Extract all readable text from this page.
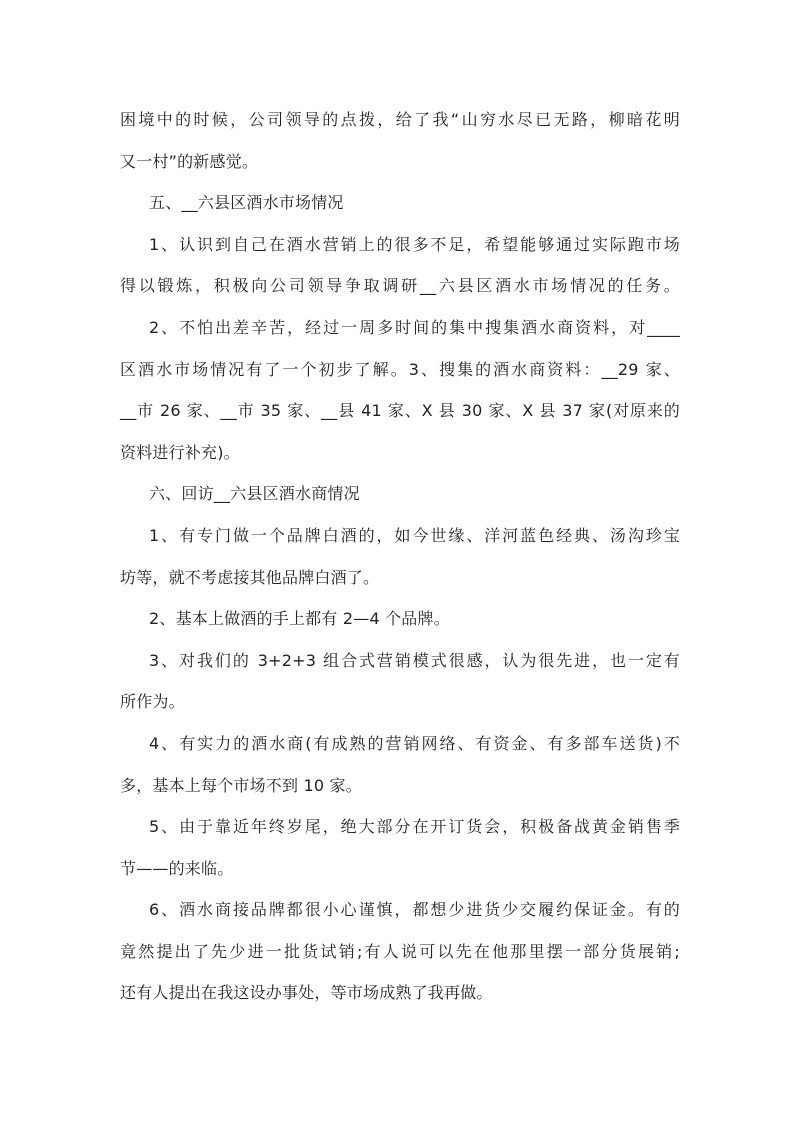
困境中的时候，公司领导的点拨，给了我“山穷水尽已无路，柳暗花明
又一村”的新感觉。
五、__六县区酒水市场情况
1、认识到自己在酒水营销上的很多不足，希望能够通过实际跑市场
得以锻炼，积极向公司领导争取调研__六县区酒水市场情况的任务。
2、不怕出差辛苦，经过一周多时间的集中搜集酒水商资料，对____
区酒水市场情况有了一个初步了解。3、搜集的酒水商资料：__29 家、
__市 26 家、__市 35 家、__县 41 家、X 县 30 家、X 县 37 家(对原来的
资料进行补充)。
六、回访__六县区酒水商情况
1、有专门做一个品牌白酒的，如今世缘、洋河蓝色经典、汤沟珍宝
坊等，就不考虑接其他品牌白酒了。
2、基本上做酒的手上都有 2—4 个品牌。
3、对我们的 3+2+3 组合式营销模式很感，认为很先进，也一定有
所作为。
4、有实力的酒水商(有成熟的营销网络、有资金、有多部车送货)不
多，基本上每个市场不到 10 家。
5、由于靠近年终岁尾，绝大部分在开订货会，积极备战黄金销售季
节——的来临。
6、酒水商接品牌都很小心谨慎，都想少进货少交履约保证金。有的
竟然提出了先少进一批货试销;有人说可以先在他那里摆一部分货展销;
还有人提出在我这设办事处，等市场成熟了我再做。
